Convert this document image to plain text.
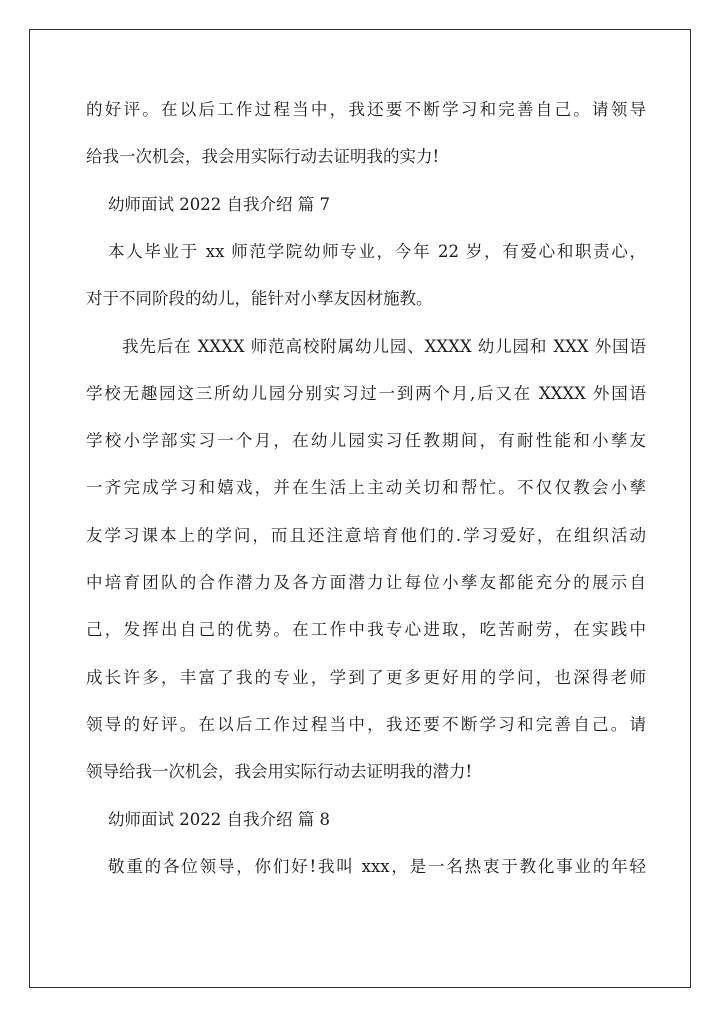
的好评。在以后工作过程当中，我还要不断学习和完善自己。请领导
给我一次机会，我会用实际行动去证明我的实力!
幼师面试 2022 自我介绍 篇 7
本人毕业于 xx 师范学院幼师专业，今年 22 岁，有爱心和职责心，
对于不同阶段的幼儿，能针对小孳友因材施教。
我先后在 XXXX 师范高校附属幼儿园、XXXX 幼儿园和 XXX 外国语
学校无趣园这三所幼儿园分别实习过一到两个月,后又在 XXXX 外国语
学校小学部实习一个月，在幼儿园实习任教期间，有耐性能和小孳友
一齐完成学习和嬉戏，并在生活上主动关切和帮忙。不仅仅教会小孳
友学习课本上的学问，而且还注意培育他们的.学习爱好，在组织活动
中培育团队的合作潜力及各方面潜力让每位小孳友都能充分的展示自
己，发挥出自己的优势。在工作中我专心进取，吃苦耐劳，在实践中
成长许多，丰富了我的专业，学到了更多更好用的学问，也深得老师
领导的好评。在以后工作过程当中，我还要不断学习和完善自己。请
领导给我一次机会，我会用实际行动去证明我的潜力!
幼师面试 2022 自我介绍 篇 8
敬重的各位领导，你们好!我叫 xxx，是一名热衷于教化事业的年轻
